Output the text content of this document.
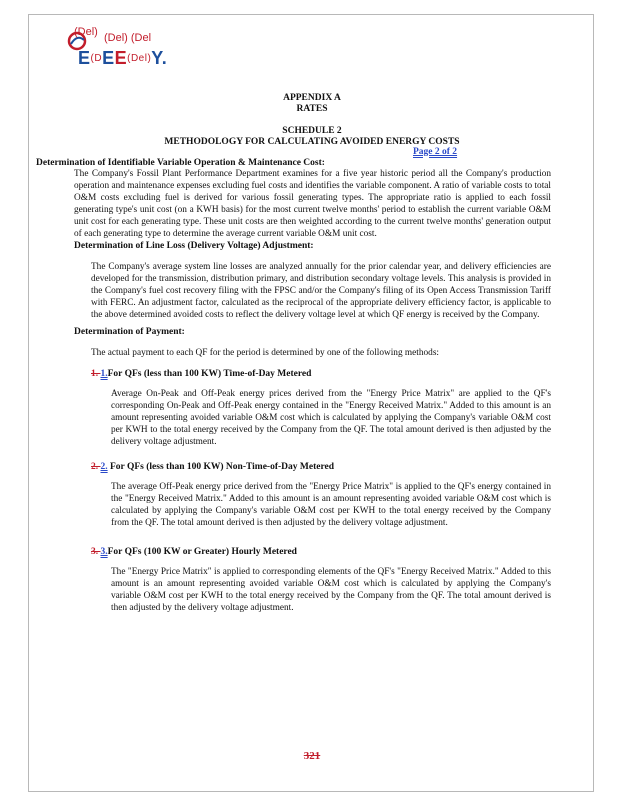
(Del) (Del) (Del
E(DEE(Del)Y.
APPENDIX A
RATES
SCHEDULE 2
METHODOLOGY FOR CALCULATING AVOIDED ENERGY COSTS
Page 2 of 2
Determination of Identifiable Variable Operation & Maintenance Cost:
The Company's Fossil Plant Performance Department examines for a five year historic period all the Company's production operation and maintenance expenses excluding fuel costs and identifies the variable component. A ratio of variable costs to total O&M costs excluding fuel is derived for various fossil generating types. The appropriate ratio is applied to each fossil generating type's unit cost (on a KWH basis) for the most current twelve months' period to establish the current variable O&M unit cost for each generating type. These unit costs are then weighted according to the current twelve months' generation output of each generating type to determine the average current variable O&M unit cost.
Determination of Line Loss (Delivery Voltage) Adjustment:
The Company's average system line losses are analyzed annually for the prior calendar year, and delivery efficiencies are developed for the transmission, distribution primary, and distribution secondary voltage levels. This analysis is provided in the Company's fuel cost recovery filing with the FPSC and/or the Company's filing of its Open Access Transmission Tariff with FERC. An adjustment factor, calculated as the reciprocal of the appropriate delivery efficiency factor, is applicable to the above determined avoided costs to reflect the delivery voltage level at which QF energy is received by the Company.
Determination of Payment:
The actual payment to each QF for the period is determined by one of the following methods:
1. 1.For QFs (less than 100 KW) Time-of-Day Metered
Average On-Peak and Off-Peak energy prices derived from the "Energy Price Matrix" are applied to the QF's corresponding On-Peak and Off-Peak energy contained in the "Energy Received Matrix." Added to this amount is an amount representing avoided variable O&M cost which is calculated by applying the Company's variable O&M cost per KWH to the total energy received by the Company from the QF. The total amount derived is then adjusted by the delivery voltage adjustment.
2. 2. For QFs (less than 100 KW) Non-Time-of-Day Metered
The average Off-Peak energy price derived from the "Energy Price Matrix" is applied to the QF's energy contained in the "Energy Received Matrix." Added to this amount is an amount representing avoided variable O&M cost which is calculated by applying the Company's variable O&M cost per KWH to the total energy received by the Company from the QF. The total amount derived is then adjusted by the delivery voltage adjustment.
3. 3.For QFs (100 KW or Greater) Hourly Metered
The "Energy Price Matrix" is applied to corresponding elements of the QF's "Energy Received Matrix." Added to this amount is an amount representing avoided variable O&M cost which is calculated by applying the Company's variable O&M cost per KWH to the total energy received by the Company from the QF. The total amount derived is then adjusted by the delivery voltage adjustment.
321
